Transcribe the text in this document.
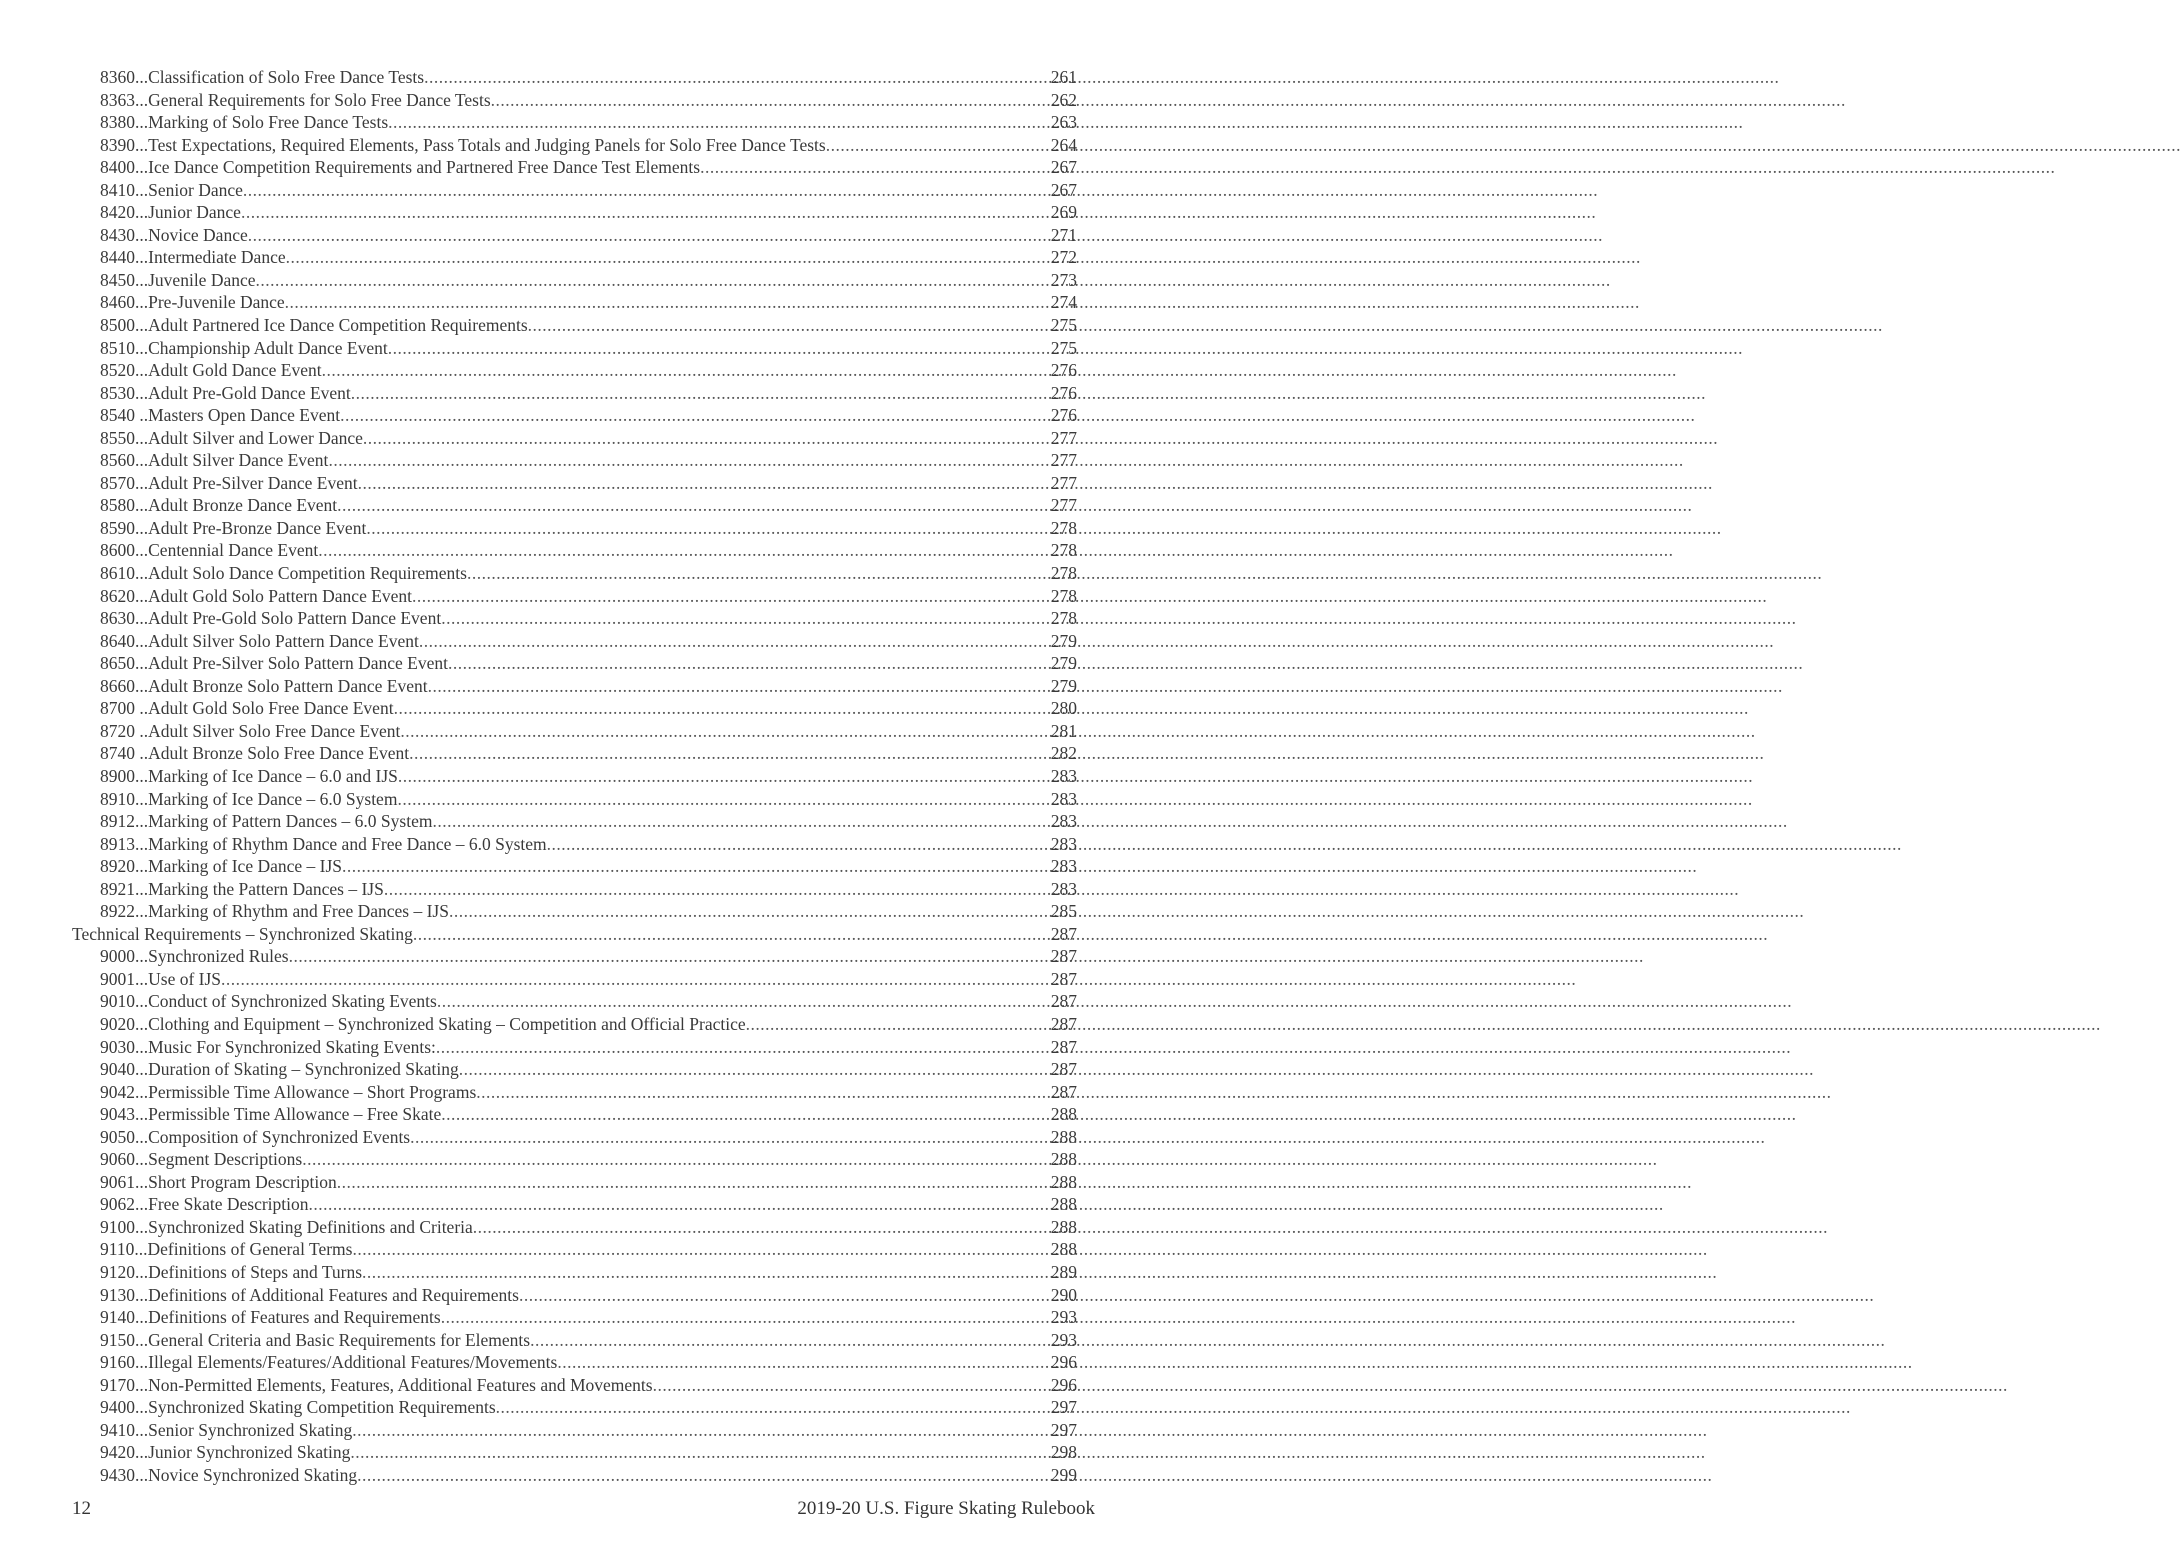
8360... Classification of Solo Free Dance Tests .....	261
8363... General Requirements for Solo Free Dance Tests .....	262
8380... Marking of Solo Free Dance Tests .....	263
8390... Test Expectations, Required Elements, Pass Totals and Judging Panels for Solo Free Dance Tests .....	264
8400... Ice Dance Competition Requirements and Partnered Free Dance Test Elements .....	267
8410... Senior Dance .....	267
8420... Junior Dance .....	269
8430... Novice Dance .....	271
8440... Intermediate Dance .....	272
8450... Juvenile Dance .....	273
8460... Pre-Juvenile Dance .....	274
8500... Adult Partnered Ice Dance Competition Requirements .....	275
8510... Championship Adult Dance Event .....	275
8520... Adult Gold Dance Event .....	276
8530... Adult Pre-Gold Dance Event .....	276
8540 .. Masters Open Dance Event .....	276
8550... Adult Silver and Lower Dance .....	277
8560... Adult Silver Dance Event .....	277
8570... Adult Pre-Silver Dance Event .....	277
8580... Adult Bronze Dance Event .....	277
8590... Adult Pre-Bronze Dance Event .....	278
8600... Centennial Dance Event .....	278
8610... Adult Solo Dance Competition Requirements .....	278
8620... Adult Gold Solo Pattern Dance Event .....	278
8630... Adult Pre-Gold Solo Pattern Dance Event .....	278
8640... Adult Silver Solo Pattern Dance Event .....	279
8650... Adult Pre-Silver Solo Pattern Dance Event .....	279
8660... Adult Bronze Solo Pattern Dance Event .....	279
8700 .. Adult Gold Solo Free Dance Event .....	280
8720 .. Adult Silver Solo Free Dance Event .....	281
8740 .. Adult Bronze Solo Free Dance Event .....	282
8900... Marking of Ice Dance – 6.0 and IJS .....	283
8910... Marking of Ice Dance – 6.0 System .....	283
8912... Marking of Pattern Dances – 6.0 System .....	283
8913... Marking of Rhythm Dance and Free Dance – 6.0 System .....	283
8920... Marking of Ice Dance – IJS .....	283
8921... Marking the Pattern Dances – IJS .....	283
8922... Marking of Rhythm and Free Dances – IJS .....	285
Technical Requirements – Synchronized Skating .....	287
9000... Synchronized Rules .....	287
9001... Use of IJS .....	287
9010... Conduct of Synchronized Skating Events .....	287
9020... Clothing and Equipment – Synchronized Skating – Competition and Official Practice .....	287
9030... Music For Synchronized Skating Events: .....	287
9040... Duration of Skating – Synchronized Skating .....	287
9042... Permissible Time Allowance – Short Programs .....	287
9043... Permissible Time Allowance – Free Skate .....	288
9050... Composition of Synchronized Events .....	288
9060... Segment Descriptions .....	288
9061... Short Program Description .....	288
9062... Free Skate Description .....	288
9100... Synchronized Skating Definitions and Criteria .....	288
9110... Definitions of General Terms .....	288
9120... Definitions of Steps and Turns .....	289
9130... Definitions of Additional Features and Requirements .....	290
9140... Definitions of Features and Requirements .....	293
9150... General Criteria and Basic Requirements for Elements .....	293
9160... Illegal Elements/Features/Additional Features/Movements .....	296
9170... Non-Permitted Elements, Features, Additional Features and Movements .....	296
9400... Synchronized Skating Competition Requirements .....	297
9410... Senior Synchronized Skating .....	297
9420... Junior Synchronized Skating .....	298
9430... Novice Synchronized Skating .....	299
12	2019-20 U.S. Figure Skating Rulebook
